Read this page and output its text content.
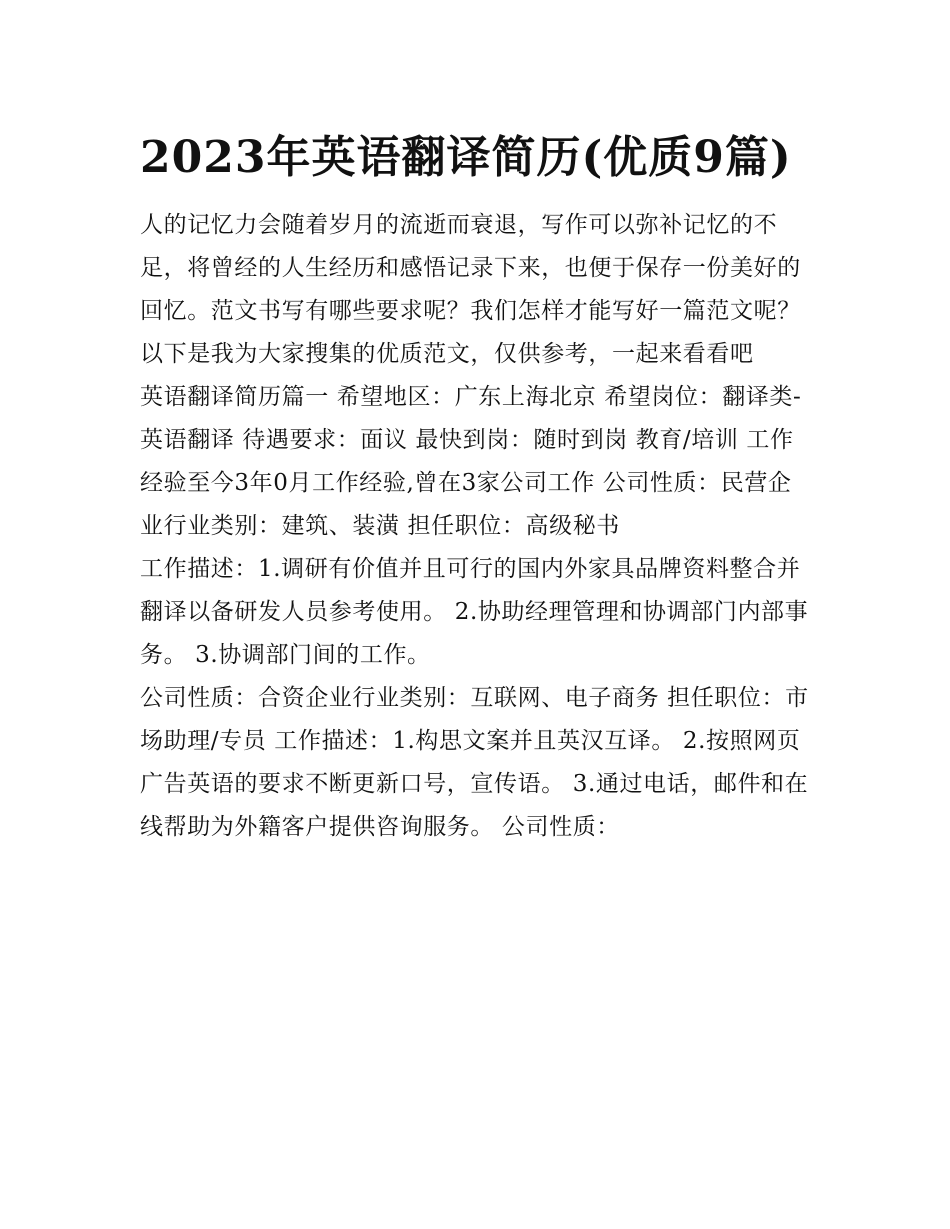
2023年英语翻译简历(优质9篇)

人的记忆力会随着岁月的流逝而衰退，写作可以弥补记忆的不足，将曾经的人生经历和感悟记录下来，也便于保存一份美好的回忆。范文书写有哪些要求呢？我们怎样才能写好一篇范文呢？以下是我为大家搜集的优质范文，仅供参考，一起来看看吧

英语翻译简历篇一 希望地区：广东上海北京 希望岗位：翻译类-英语翻译 待遇要求：面议 最快到岗：随时到岗 教育/培训 工作经验至今3年0月工作经验,曾在3家公司工作 公司性质：民营企业行业类别：建筑、装潢 担任职位：高级秘书

工作描述：1.调研有价值并且可行的国内外家具品牌资料整合并翻译以备研发人员参考使用。 2.协助经理管理和协调部门内部事务。 3.协调部门间的工作。

公司性质：合资企业行业类别：互联网、电子商务 担任职位：市场助理/专员 工作描述：1.构思文案并且英汉互译。 2.按照网页广告英语的要求不断更新口号，宣传语。 3.通过电话，邮件和在线帮助为外籍客户提供咨询服务。 公司性质：
